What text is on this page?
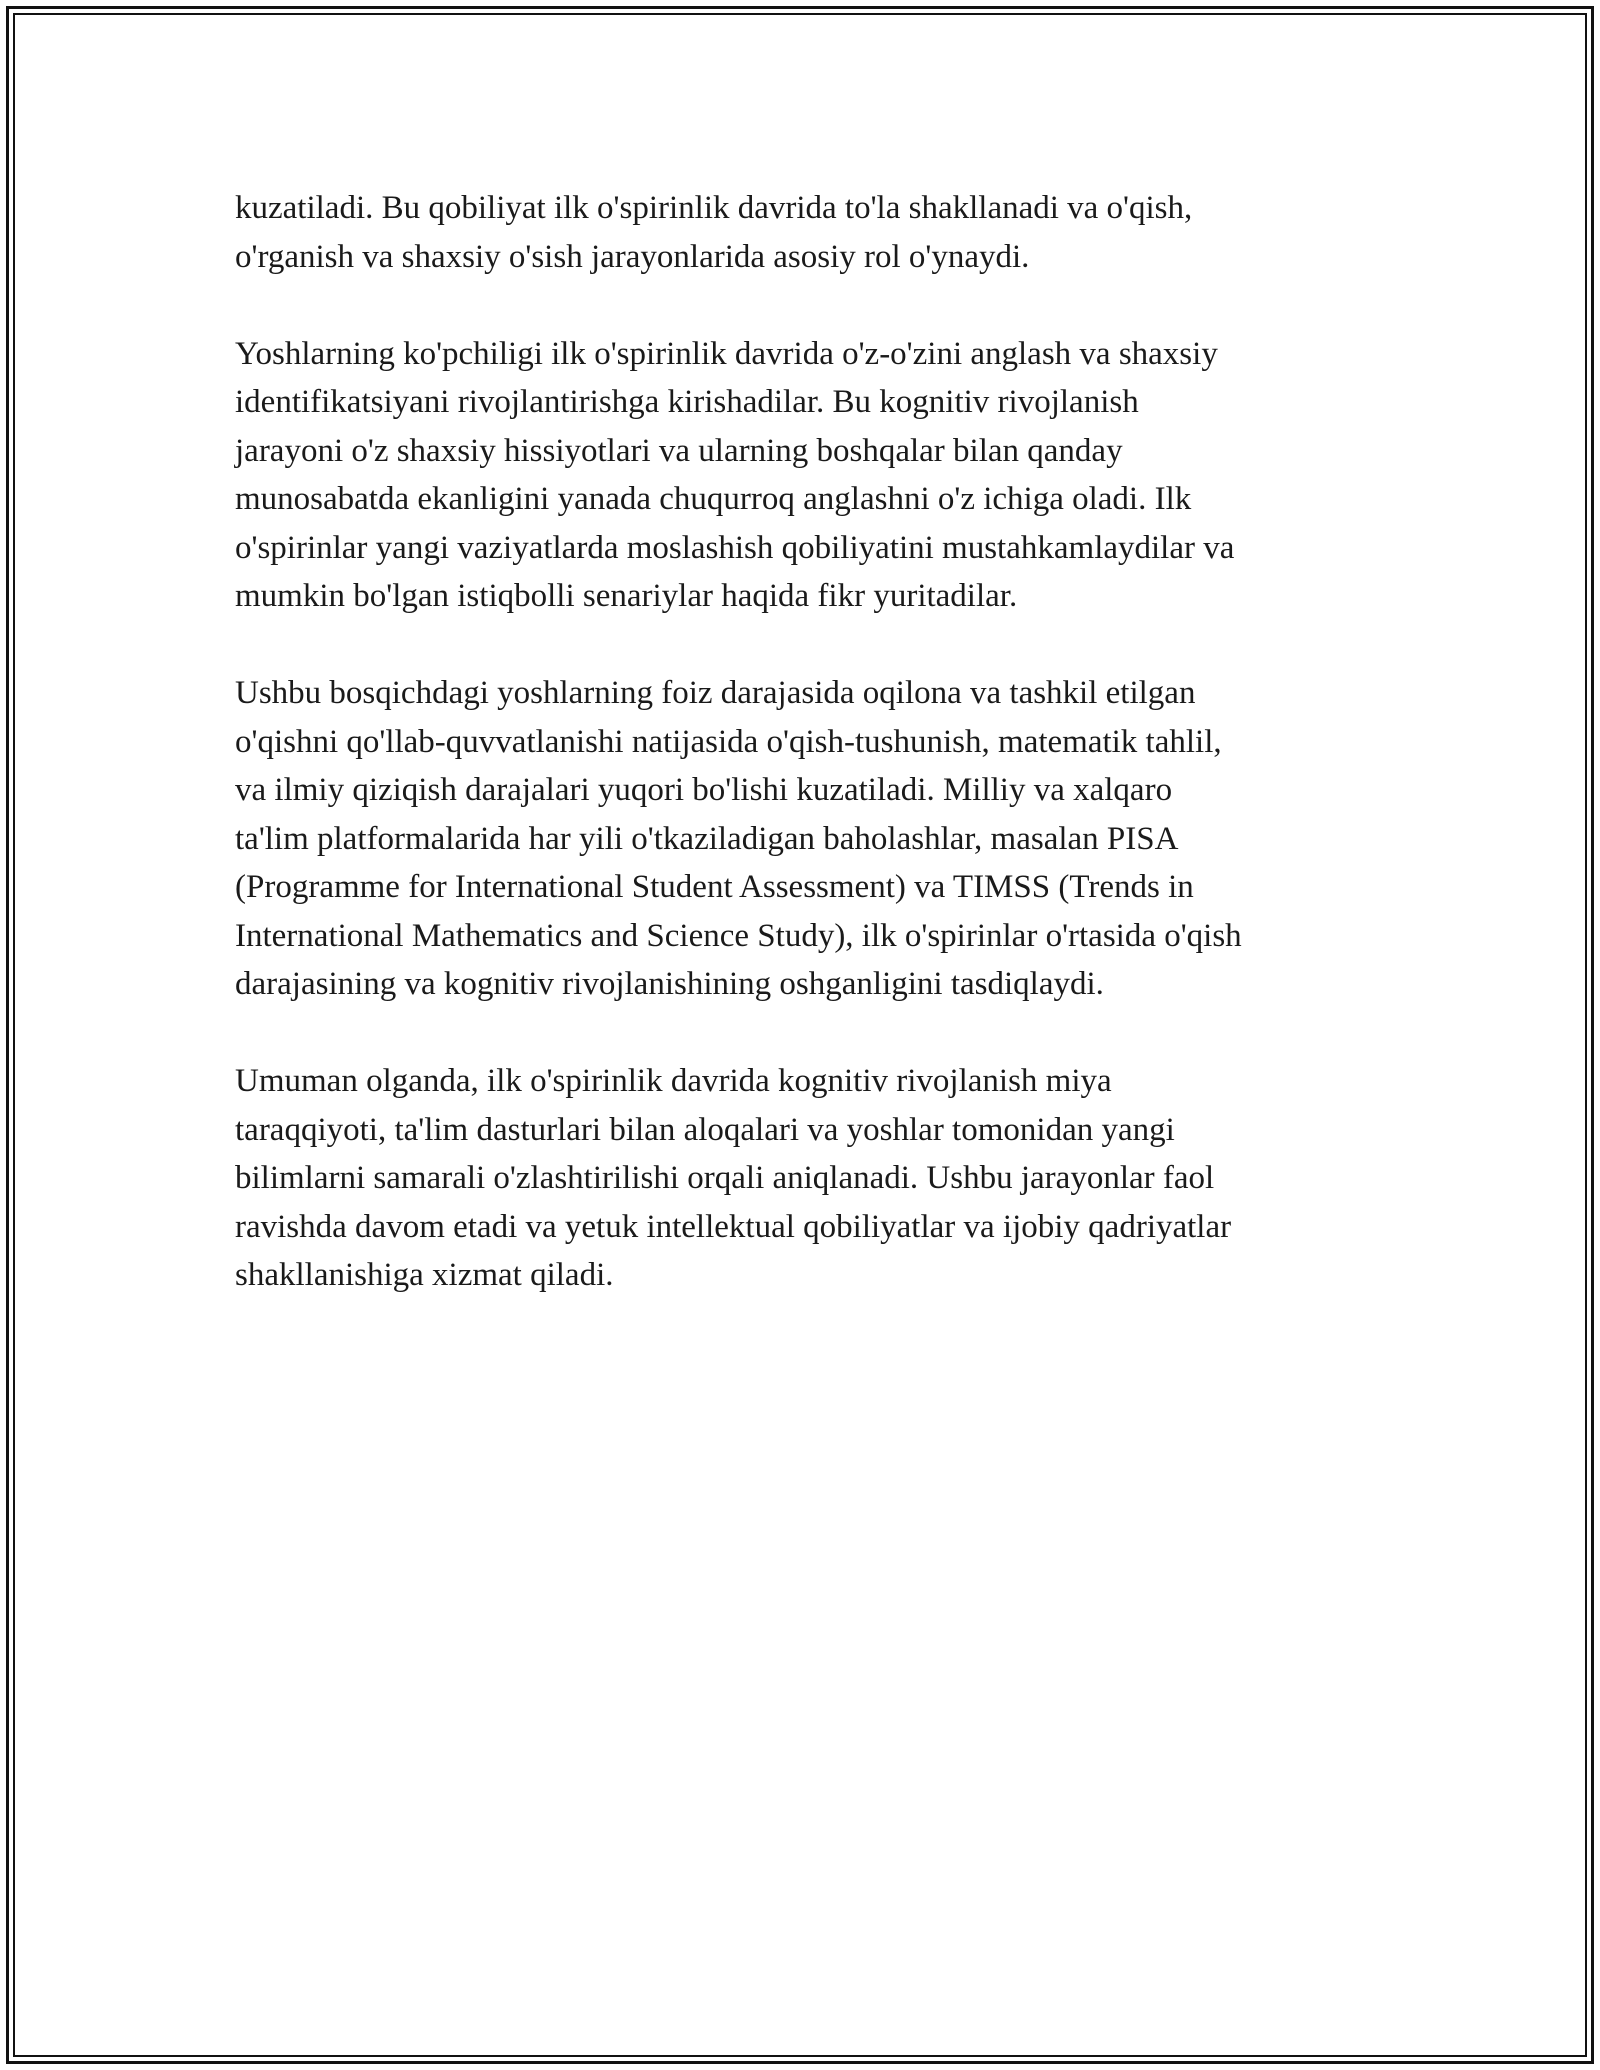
kuzatiladi. Bu qobiliyat ilk o'spirinlik davrida to'la shakllanadi va o'qish,
o'rganish va shaxsiy o'sish jarayonlarida asosiy rol o'ynaydi.
Yoshlarning ko'pchiligi ilk o'spirinlik davrida o'z-o'zini anglash va shaxsiy
identifikatsiyani rivojlantirishga kirishadilar. Bu kognitiv rivojlanish
jarayoni o'z shaxsiy hissiyotlari va ularning boshqalar bilan qanday
munosabatda ekanligini yanada chuqurroq anglashni o'z ichiga oladi. Ilk
o'spirinlar yangi vaziyatlarda moslashish qobiliyatini mustahkamlaydilar va
mumkin bo'lgan istiqbolli senariylar haqida fikr yuritadilar.
Ushbu bosqichdagi yoshlarning foiz darajasida oqilona va tashkil etilgan
o'qishni qo'llab-quvvatlanishi natijasida o'qish-tushunish, matematik tahlil,
va ilmiy qiziqish darajalari yuqori bo'lishi kuzatiladi. Milliy va xalqaro
ta'lim platformalarida har yili o'tkaziladigan baholashlar, masalan PISA
(Programme for International Student Assessment) va TIMSS (Trends in
International Mathematics and Science Study), ilk o'spirinlar o'rtasida o'qish
darajasining va kognitiv rivojlanishining oshganligini tasdiqlaydi.
Umuman olganda, ilk o'spirinlik davrida kognitiv rivojlanish miya
taraqqiyoti, ta'lim dasturlari bilan aloqalari va yoshlar tomonidan yangi
bilimlarni samarali o'zlashtirilishi orqali aniqlanadi. Ushbu jarayonlar faol
ravishda davom etadi va yetuk intellektual qobiliyatlar va ijobiy qadriyatlar
shakllanishiga xizmat qiladi.
